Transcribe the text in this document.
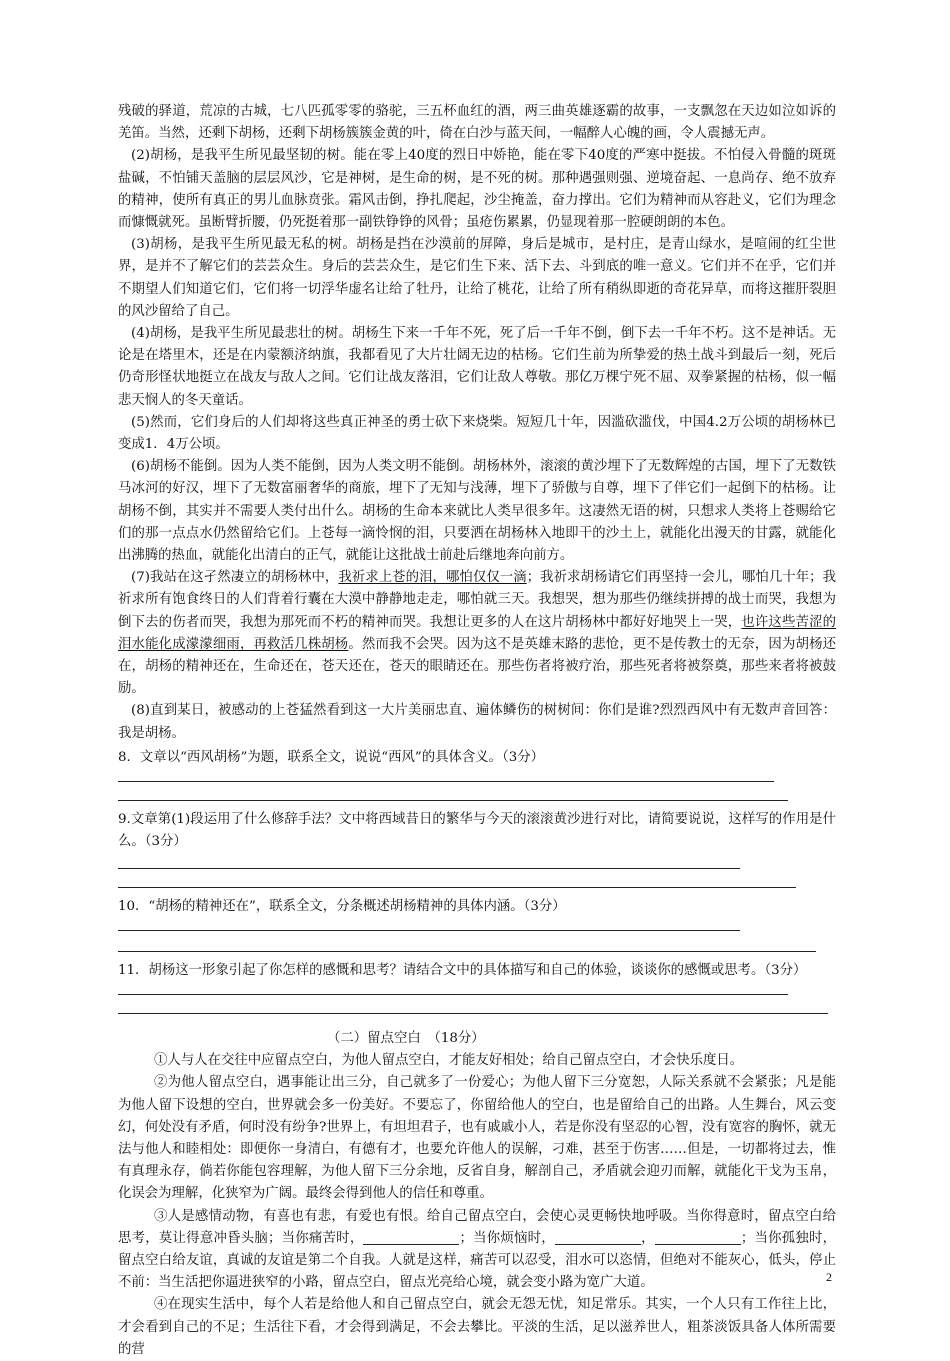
残破的驿道，荒凉的古城，七八匹孤零零的骆驼，三五杯血红的酒，两三曲英雄逐霸的故事，一支飘忽在天边如泣如诉的羌笛。当然，还剩下胡杨，还剩下胡杨簇簇金黄的叶，倚在白沙与蓝天间，一幅醉人心魄的画，令人震撼无声。

(2)胡杨，是我平生所见最坚韧的树。能在零上40度的烈日中娇艳，能在零下40度的严寒中挺拔。不怕侵入骨髓的斑斑盐碱，不怕铺天盖脑的层层风沙，它是神树，是生命的树，是不死的树。那种遇强则强、逆境奋起、一息尚存、绝不放弃的精神，使所有真正的男儿血脉贲张。霜风击倒，挣扎爬起，沙尘掩盖，奋力撑出。它们为精神而从容赴义，它们为理念而慷慨就死。虽断臂折腰，仍死挺着那一副铁铮铮的风骨；虽疮伤累累，仍显现着那一腔硬朗朗的本色。

(3)胡杨，是我平生所见最无私的树。胡杨是挡在沙漠前的屏障，身后是城市，是村庄，是青山绿水，是喧闹的红尘世界，是并不了解它们的芸芸众生。身后的芸芸众生，是它们生下来、活下去、斗到底的唯一意义。它们并不在乎，它们并不期望人们知道它们，它们将一切浮华虚名让给了牡丹，让给了桃花，让给了所有稍纵即逝的奇花异草，而将这摧肝裂胆的风沙留给了自己。

(4)胡杨，是我平生所见最悲壮的树。胡杨生下来一千年不死，死了后一千年不倒，倒下去一千年不朽。这不是神话。无论是在塔里木，还是在内蒙额济纳旗，我都看见了大片壮阔无边的枯杨。它们生前为所挚爱的热土战斗到最后一刻，死后仍奇形怪状地挺立在战友与敌人之间。它们让战友落泪，它们让敌人尊敬。那亿万棵宁死不屈、双拳紧握的枯杨，似一幅悲天悯人的冬天童话。

(5)然而，它们身后的人们却将这些真正神圣的勇士砍下来烧柴。短短几十年，因滥砍滥伐，中国4.2万公顷的胡杨林已变成1．4万公顷。

(6)胡杨不能倒。因为人类不能倒，因为人类文明不能倒。胡杨林外，滚滚的黄沙埋下了无数辉煌的古国，埋下了无数铁马冰河的好汉，埋下了无数富丽奢华的商旅，埋下了无知与浅薄，埋下了骄傲与自尊，埋下了伴它们一起倒下的枯杨。让胡杨不倒，其实并不需要人类付出什么。胡杨的生命本来就比人类早很多年。这凄然无语的树，只想求人类将上苍赐给它们的那一点点水仍然留给它们。上苍每一滴怜悯的泪，只要洒在胡杨林入地即干的沙土上，就能化出漫天的甘露，就能化出沸腾的热血，就能化出清白的正气，就能让这批战士前赴后继地奔向前方。

(7)我站在这孑然凄立的胡杨林中，我祈求上苍的泪，哪怕仅仅一滴；我祈求胡杨请它们再坚持一会儿，哪怕几十年；我祈求所有饱食终日的人们背着行囊在大漠中静静地走走，哪怕就三天。我想哭，想为那些仍继续拼搏的战士而哭，我想为倒下去的伤者而哭，我想为那死而不朽的精神而哭。我想让更多的人在这片胡杨林中都好好地哭上一哭，也许这些苦涩的泪水能化成濛濛细雨，再救活几株胡杨。然而我不会哭。因为这不是英雄末路的悲怆，更不是传教士的无奈，因为胡杨还在，胡杨的精神还在，生命还在，苍天还在，苍天的眼睛还在。那些伤者将被疗治，那些死者将被祭奠，那些来者将被鼓励。

(8)直到某日，被感动的上苍猛然看到这一大片美丽忠直、遍体鳞伤的树树间：你们是谁?烈烈西风中有无数声音回答：我是胡杨。

8．文章以“西风胡杨”为题，联系全文，说说“西风”的具体含义。（3分）

9.文章第(1)段运用了什么修辞手法？文中将西域昔日的繁华与今天的滚滚黄沙进行对比，请简要说说，这样写的作用是什么。（3分）

10．“胡杨的精神还在”，联系全文，分条概述胡杨精神的具体内涵。（3分）

11．胡杨这一形象引起了你怎样的感慨和思考？请结合文中的具体描写和自己的体验，谈谈你的感慨或思考。（3分）

（二）留点空白　（18分）

①人与人在交往中应留点空白，为他人留点空白，才能友好相处；给自己留点空白，才会快乐度日。

②为他人留点空白，遇事能让出三分，自己就多了一份爱心；为他人留下三分宽恕，人际关系就不会紧张；凡是能为他人留下设想的空白，世界就会多一份美好。不要忘了，你留给他人的空白，也是留给自己的出路。人生舞台，风云变幻，何处没有矛盾，何时没有纷争?世界上，有坦坦君子，也有戚戚小人，若是你没有坚忍的心智，没有宽容的胸怀，就无法与他人和睦相处：即便你一身清白，有德有才，也要允许他人的误解，刁难，甚至于伤害……但是，一切都将过去，惟有真理永存，倘若你能包容理解，为他人留下三分余地，反省自身，解剖自己，矛盾就会迎刃而解，就能化干戈为玉帛，化误会为理解，化狭窄为广阔。最终会得到他人的信任和尊重。

③人是感情动物，有喜也有悲，有爱也有恨。给自己留点空白，会使心灵更畅快地呼吸。当你得意时，留点空白给思考，莫让得意冲昏头脑；当你痛苦时，	；当你烦恼时，	，	；当你孤独时，留点空白给友谊，真诚的友谊是第二个自我。人就是这样，痛苦可以忍受，泪水可以恣情，但绝对不能灰心，低头，停止不前：当生活把你逼进狭窄的小路，留点空白，留点光亮给心境，就会变小路为宽广大道。

④在现实生活中，每个人若是给他人和自己留点空白，就会无怨无忧，知足常乐。其实，一个人只有工作往上比，才会看到自己的不足；生活往下看，才会得到满足，不会去攀比。平淡的生活，足以滋养世人，粗茶淡饭具备人体所需要的营

2
